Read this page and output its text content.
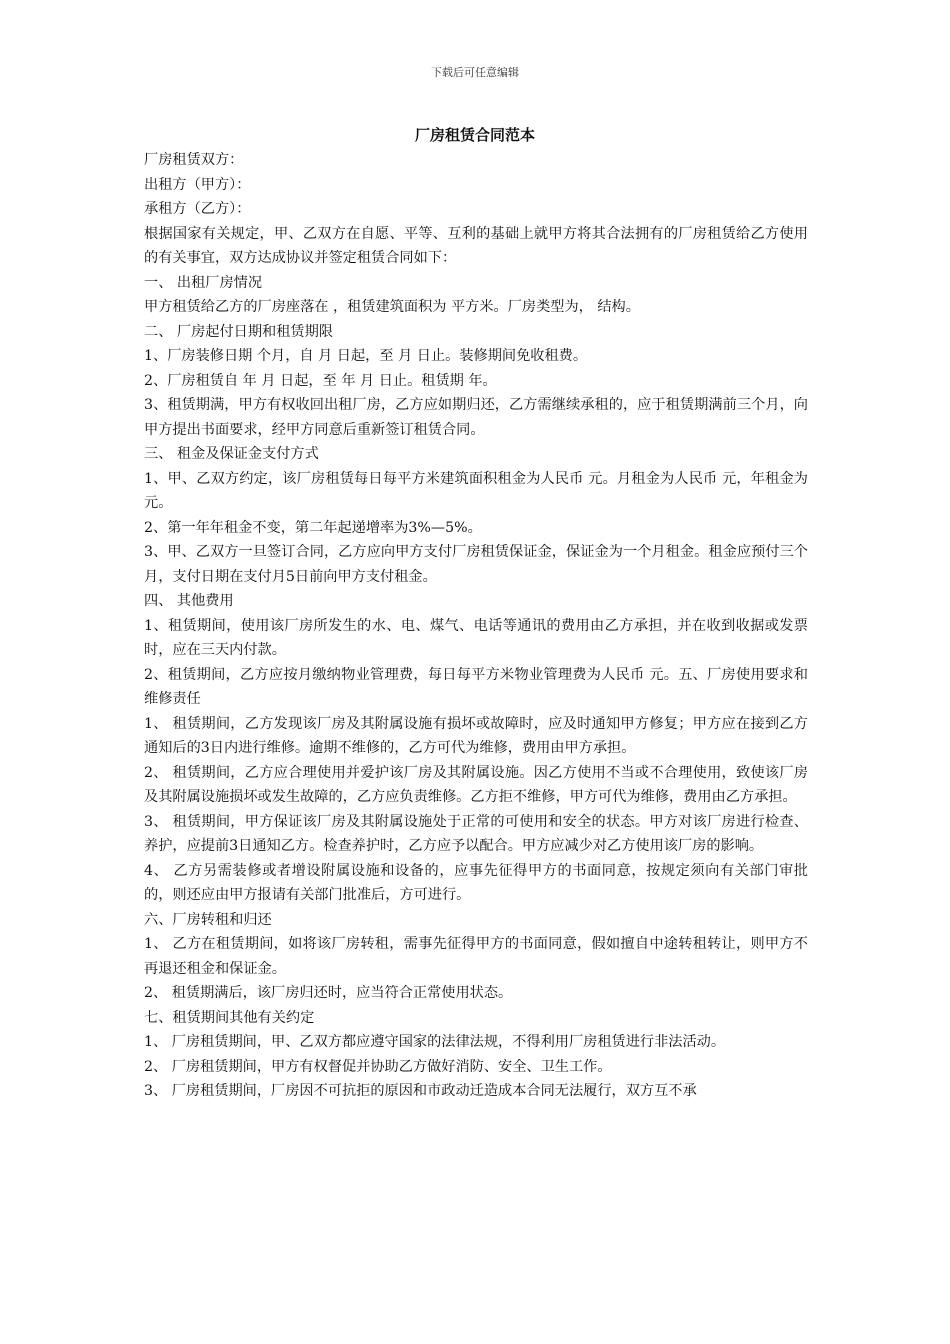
下载后可任意编辑
厂房租赁合同范本

厂房租赁双方：

出租方（甲方）：

承租方（乙方）：

根据国家有关规定，甲、乙双方在自愿、平等、互利的基础上就甲方将其合法拥有的厂房租赁给乙方使用的有关事宜，双方达成协议并签定租赁合同如下：

一、 出租厂房情况

甲方租赁给乙方的厂房座落在 ，租赁建筑面积为 平方米。厂房类型为， 结构。

二、 厂房起付日期和租赁期限

1、厂房装修日期 个月，自 月 日起，至 月 日止。装修期间免收租费。

2、厂房租赁自 年 月 日起，至 年 月 日止。租赁期 年。

3、租赁期满，甲方有权收回出租厂房，乙方应如期归还，乙方需继续承租的，应于租赁期满前三个月，向甲方提出书面要求，经甲方同意后重新签订租赁合同。

三、 租金及保证金支付方式

1、甲、乙双方约定，该厂房租赁每日每平方米建筑面积租金为人民币 元。月租金为人民币 元，年租金为 元。

2、第一年年租金不变，第二年起递增率为3%—5%。

3、甲、乙双方一旦签订合同，乙方应向甲方支付厂房租赁保证金，保证金为一个月租金。租金应预付三个月，支付日期在支付月5日前向甲方支付租金。

四、 其他费用

1、租赁期间，使用该厂房所发生的水、电、煤气、电话等通讯的费用由乙方承担，并在收到收据或发票时，应在三天内付款。

2、租赁期间，乙方应按月缴纳物业管理费，每日每平方米物业管理费为人民币 元。五、厂房使用要求和维修责任

1、 租赁期间，乙方发现该厂房及其附属设施有损坏或故障时，应及时通知甲方修复；甲方应在接到乙方通知后的3日内进行维修。逾期不维修的，乙方可代为维修，费用由甲方承担。

2、 租赁期间，乙方应合理使用并爱护该厂房及其附属设施。因乙方使用不当或不合理使用，致使该厂房及其附属设施损坏或发生故障的，乙方应负责维修。乙方拒不维修，甲方可代为维修，费用由乙方承担。

3、 租赁期间，甲方保证该厂房及其附属设施处于正常的可使用和安全的状态。甲方对该厂房进行检查、养护，应提前3日通知乙方。检查养护时，乙方应予以配合。甲方应减少对乙方使用该厂房的影响。

4、 乙方另需装修或者增设附属设施和设备的，应事先征得甲方的书面同意，按规定须向有关部门审批的，则还应由甲方报请有关部门批准后，方可进行。

六、厂房转租和归还

1、 乙方在租赁期间，如将该厂房转租，需事先征得甲方的书面同意，假如擅自中途转租转让，则甲方不再退还租金和保证金。

2、 租赁期满后，该厂房归还时，应当符合正常使用状态。

七、租赁期间其他有关约定

1、 厂房租赁期间，甲、乙双方都应遵守国家的法律法规，不得利用厂房租赁进行非法活动。

2、 厂房租赁期间，甲方有权督促并协助乙方做好消防、安全、卫生工作。

3、 厂房租赁期间，厂房因不可抗拒的原因和市政动迁造成本合同无法履行，双方互不承
